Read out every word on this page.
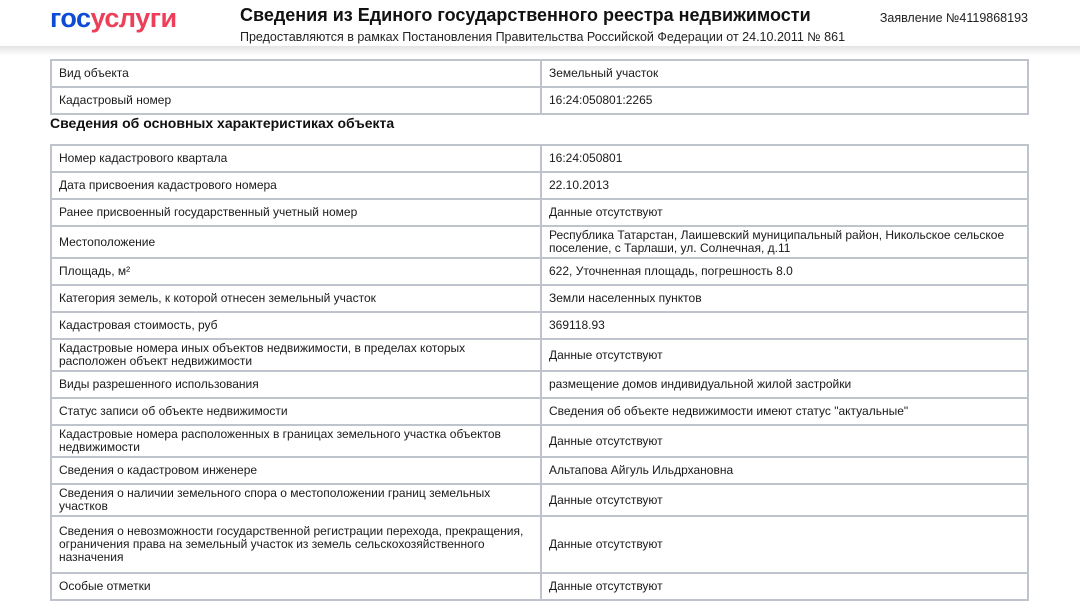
госуслуги	Сведения из Единого государственного реестра недвижимости
Предоставляются в рамках Постановления Правительства Российской Федерации от 24.10.2011 № 861
Заявление №4119868193
Вид объекта	Земельный участок
Кадастровый номер	16:24:050801:2265
Сведения об основных характеристиках объекта
Номер кадастрового квартала	16:24:050801
Дата присвоения кадастрового номера	22.10.2013
Ранее присвоенный государственный учетный номер	Данные отсутствуют
Местоположение	Республика Татарстан, Лаишевский муниципальный район, Никольское сельское поселение, с Тарлаши, ул. Солнечная, д.11
Площадь, м²	622, Уточненная площадь, погрешность 8.0
Категория земель, к которой отнесен земельный участок	Земли населенных пунктов
Кадастровая стоимость, руб	369118.93
Кадастровые номера иных объектов недвижимости, в пределах которых расположен объект недвижимости	Данные отсутствуют
Виды разрешенного использования	размещение домов индивидуальной жилой застройки
Статус записи об объекте недвижимости	Сведения об объекте недвижимости имеют статус "актуальные"
Кадастровые номера расположенных в границах земельного участка объектов недвижимости	Данные отсутствуют
Сведения о кадастровом инженере	Альтапова Айгуль Ильдрхановна
Сведения о наличии земельного спора о местоположении границ земельных участков	Данные отсутствуют
Сведения о невозможности государственной регистрации перехода, прекращения, ограничения права на земельный участок из земель сельскохозяйственного назначения	Данные отсутствуют
Особые отметки	Данные отсутствуют
